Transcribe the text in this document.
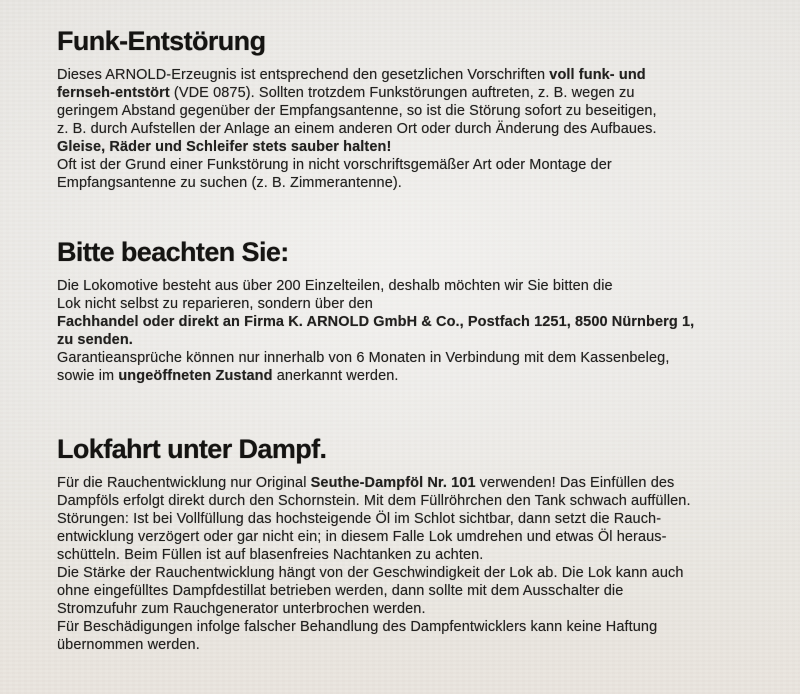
Funk-Entstörung
Dieses ARNOLD-Erzeugnis ist entsprechend den gesetzlichen Vorschriften voll funk- und
fernseh-entstört (VDE 0875). Sollten trotzdem Funkstörungen auftreten, z. B. wegen zu
geringem Abstand gegenüber der Empfangsantenne, so ist die Störung sofort zu beseitigen,
z. B. durch Aufstellen der Anlage an einem anderen Ort oder durch Änderung des Aufbaues.
Gleise, Räder und Schleifer stets sauber halten!
Oft ist der Grund einer Funkstörung in nicht vorschriftsgemäßer Art oder Montage der
Empfangsantenne zu suchen (z. B. Zimmerantenne).
Bitte beachten Sie:
Die Lokomotive besteht aus über 200 Einzelteilen, deshalb möchten wir Sie bitten die
Lok nicht selbst zu reparieren, sondern über den
Fachhandel oder direkt an Firma K. ARNOLD GmbH & Co., Postfach 1251, 8500 Nürnberg 1,
zu senden.
Garantieansprüche können nur innerhalb von 6 Monaten in Verbindung mit dem Kassenbeleg,
sowie im ungeöffneten Zustand anerkannt werden.
Lokfahrt unter Dampf.
Für die Rauchentwicklung nur Original Seuthe-Dampföl Nr. 101 verwenden! Das Einfüllen des
Dampföls erfolgt direkt durch den Schornstein. Mit dem Füllröhrchen den Tank schwach auffüllen.
Störungen: Ist bei Vollfüllung das hochsteigende Öl im Schlot sichtbar, dann setzt die Rauch-
entwicklung verzögert oder gar nicht ein; in diesem Falle Lok umdrehen und etwas Öl heraus-
schütteln. Beim Füllen ist auf blasenfreies Nachtanken zu achten.
Die Stärke der Rauchentwicklung hängt von der Geschwindigkeit der Lok ab. Die Lok kann auch
ohne eingefülltes Dampfdestillat betrieben werden, dann sollte mit dem Ausschalter die
Stromzufuhr zum Rauchgenerator unterbrochen werden.
Für Beschädigungen infolge falscher Behandlung des Dampfentwicklers kann keine Haftung
übernommen werden.
